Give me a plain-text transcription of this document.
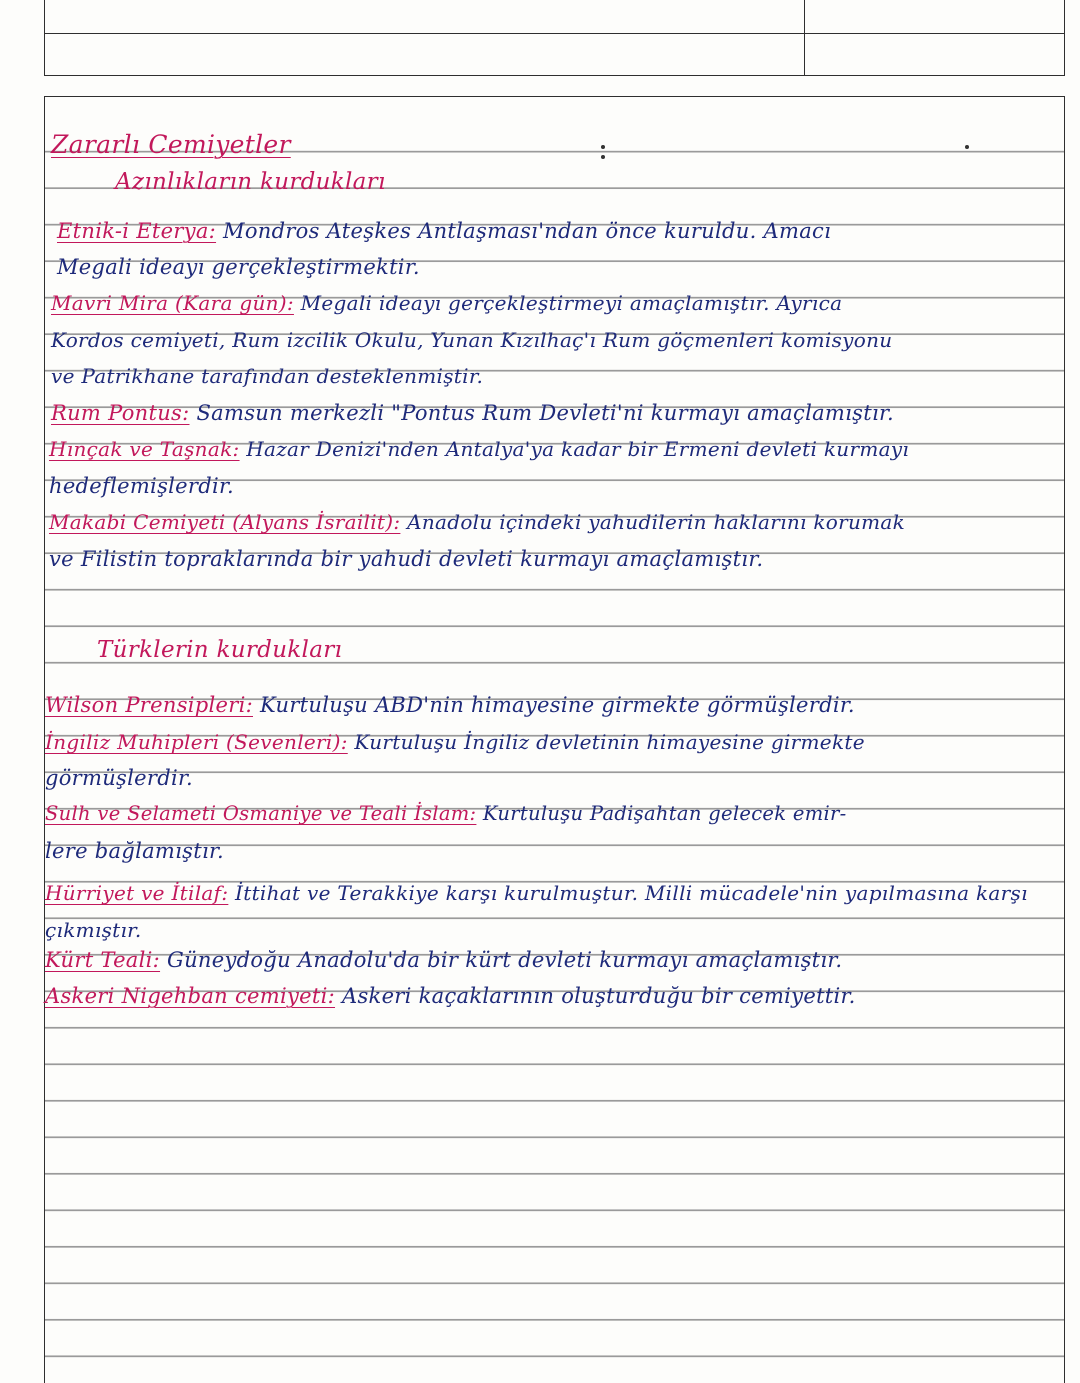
Zararlı Cemiyetler
Azınlıkların kurdukları
Etnik-i Eterya: Mondros Ateşkes Antlaşması'ndan önce kuruldu. Amacı
Megali ideayı gerçekleştirmektir.
Mavri Mira (Kara gün): Megali ideayı gerçekleştirmeyi amaçlamıştır. Ayrıca
Kordos cemiyeti, Rum izcilik Okulu, Yunan Kızılhaç'ı Rum göçmenleri komisyonu
ve Patrikhane tarafından desteklenmiştir.
Rum Pontus: Samsun merkezli "Pontus Rum Devleti'ni kurmayı amaçlamıştır.
Hınçak ve Taşnak: Hazar Denizi'nden Antalya'ya kadar bir Ermeni devleti kurmayı
hedeflemişlerdir.
Makabi Cemiyeti (Alyans İsrailit): Anadolu içindeki yahudilerin haklarını korumak
ve Filistin topraklarında bir yahudi devleti kurmayı amaçlamıştır.
Türklerin kurdukları
Wilson Prensipleri: Kurtuluşu ABD'nin himayesine girmekte görmüşlerdir.
İngiliz Muhipleri (Sevenleri): Kurtuluşu İngiliz devletinin himayesine girmekte
görmüşlerdir.
Sulh ve Selameti Osmaniye ve Teali İslam: Kurtuluşu Padişahtan gelecek emir-
lere bağlamıştır.
Hürriyet ve İtilaf: İttihat ve Terakkiye karşı kurulmuştur. Milli mücadele'nin yapılmasına karşı çıkmıştır.
Kürt Teali: Güneydoğu Anadolu'da bir kürt devleti kurmayı amaçlamıştır.
Askeri Nigehban cemiyeti: Askeri kaçaklarının oluşturduğu bir cemiyettir.
